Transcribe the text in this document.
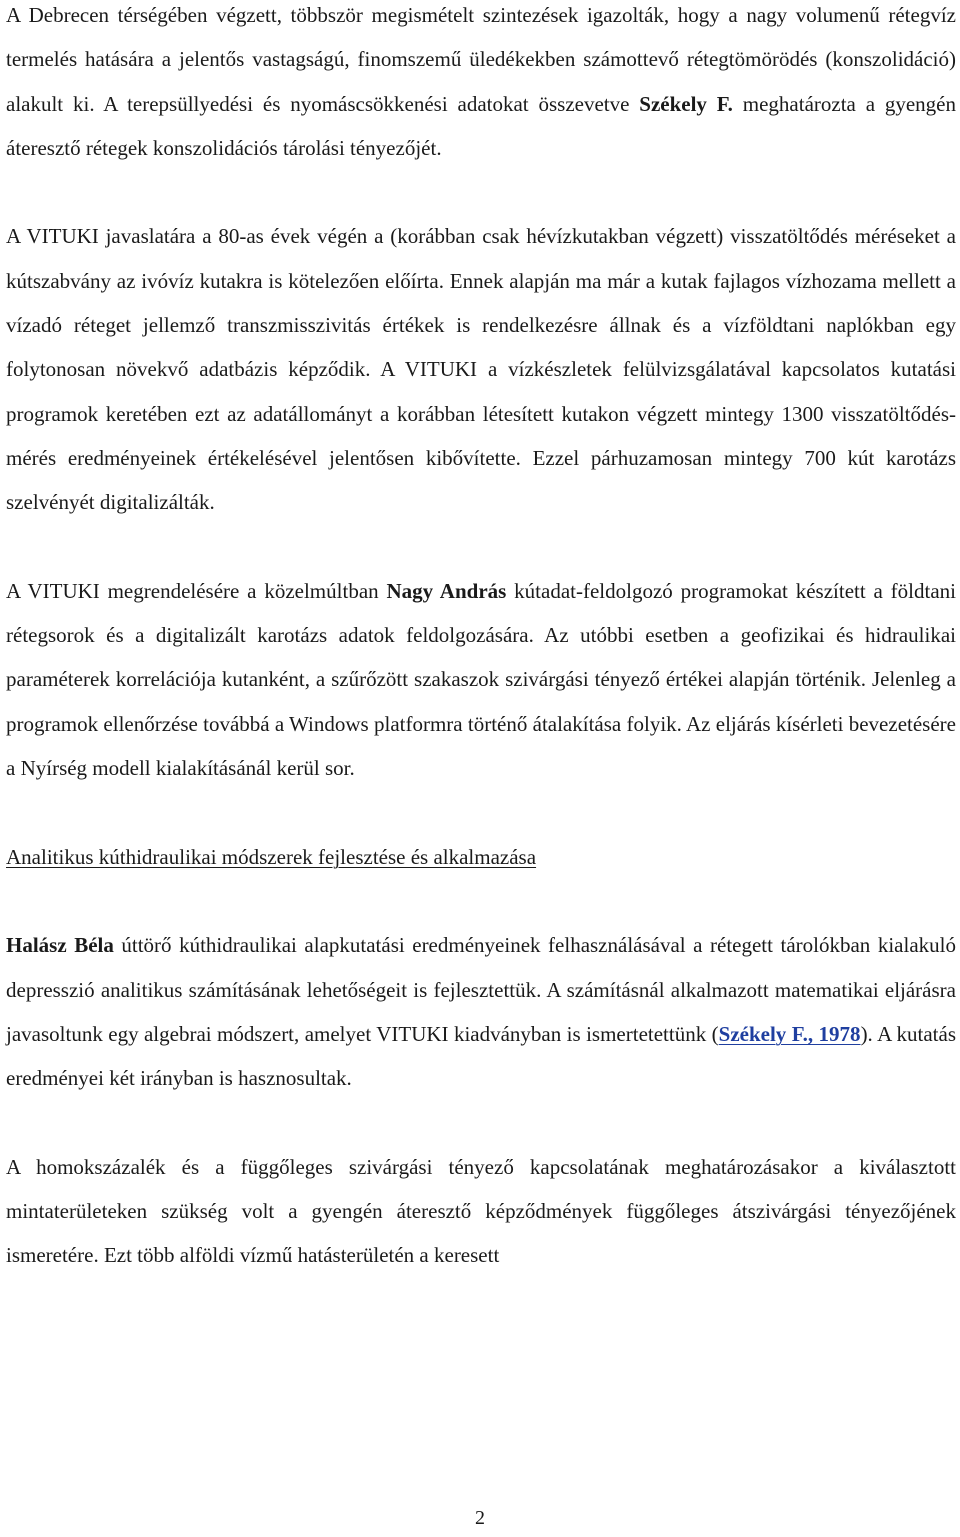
A Debrecen térségében végzett, többször megismételt szintezések igazolták, hogy a nagy volumenű rétegvíz termelés hatására a jelentős vastagságú, finomszemű üledékekben számottevő rétegtömörödés (konszolidáció) alakult ki. A terepsüllyedési és nyomáscsökkenési adatokat összevetve Székely F. meghatározta a gyengén áteresztő rétegek konszolidációs tárolási tényezőjét.

A VITUKI javaslatára a 80-as évek végén a (korábban csak hévízkutakban végzett) visszatöltődés méréseket a kútszabvány az ivóvíz kutakra is kötelezően előírta. Ennek alapján ma már a kutak fajlagos vízhozama mellett a vízadó réteget jellemző transzmisszivitás értékek is rendelkezésre állnak és a vízföldtani naplókban egy folytonosan növekvő adatbázis képződik. A VITUKI a vízkészletek felülvizsgálatával kapcsolatos kutatási programok keretében ezt az adatállományt a korábban létesített kutakon végzett mintegy 1300 visszatöltődés-mérés eredményeinek értékelésével jelentősen kibővítette. Ezzel párhuzamosan mintegy 700 kút karotázs szelvényét digitalizálták.

A VITUKI megrendelésére a közelmúltban Nagy András kútadat-feldolgozó programokat készített a földtani rétegsorok és a digitalizált karotázs adatok feldolgozására. Az utóbbi esetben a geofizikai és hidraulikai paraméterek korrelációja kutanként, a szűrőzött szakaszok szivárgási tényező értékei alapján történik. Jelenleg a programok ellenőrzése továbbá a Windows platformra történő átalakítása folyik. Az eljárás kísérleti bevezetésére a Nyírség modell kialakításánál kerül sor.

Analitikus kúthidraulikai módszerek fejlesztése és alkalmazása

Halász Béla úttörő kúthidraulikai alapkutatási eredményeinek felhasználásával a rétegett tárolókban kialakuló depresszió analitikus számításának lehetőségeit is fejlesztettük. A számításnál alkalmazott matematikai eljárásra javasoltunk egy algebrai módszert, amelyet VITUKI kiadványban is ismertetettünk (Székely F., 1978). A kutatás eredményei két irányban is hasznosultak.

A homokszázalék és a függőleges szivárgási tényező kapcsolatának meghatározásakor a kiválasztott mintaterületeken szükség volt a gyengén áteresztő képződmények függőleges átszivárgási tényezőjének ismeretére. Ezt több alföldi vízmű hatásterületén a keresett

2
